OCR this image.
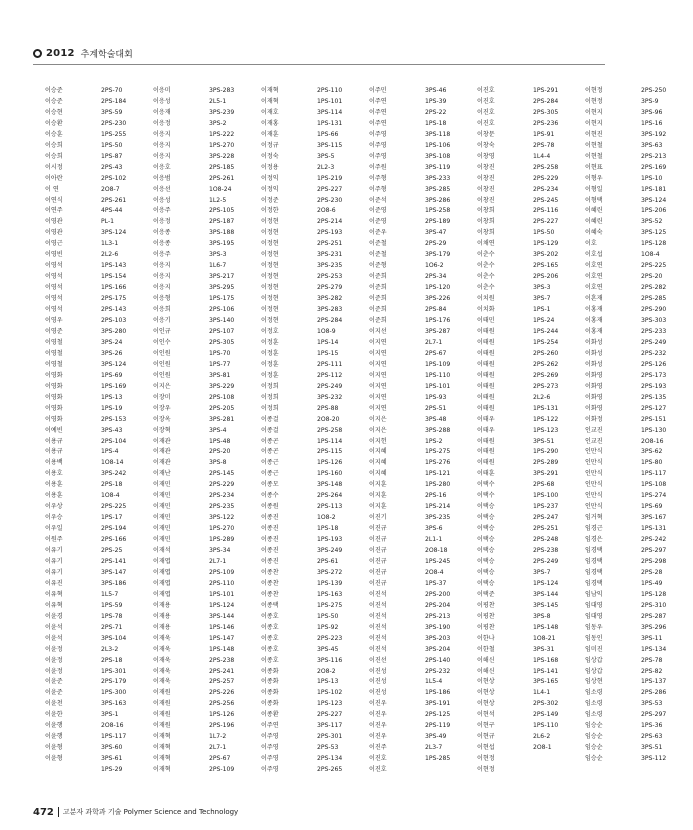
2012 추계학술대회
이승준	2PS-70	이응미	3PS-283	이재혁	2PS-110	이주민	3PS-46	이진호	1PS-291	이현정	2PS-250
이승준	2PS-184	이응성	2L5-1	이재혁	1PS-101	이주연	1PS-39	이진호	2PS-284	이현정	3PS-9
이승현	3PS-59	이응재	3PS-239	이재호	3PS-114	이주연	2PS-22	이진호	2PS-305	이현지	3PS-96
이승환	2PS-230	이응정	3PS-2	이재홍	1PS-131	이주연	1PS-18	이진호	2PS-236	이현지	1PS-16
이승훈	1PS-255	이응지	1PS-222	이재훈	1PS-66	이주영	3PS-118	이창문	1PS-91	이현진	3PS-192
이승희	1PS-50	이응지	1PS-270	이정규	3PS-115	이주영	1PS-106	이창숙	2PS-78	이현철	3PS-63
이승희	1PS-87	이응지	3PS-228	이정숙	3PS-5	이주영	3PS-108	이창영	1L4-4	이현철	2PS-213
이시정	2PS-43	이응호	2PS-185	이정용	2L2-3	이주원	3PS-119	이창진	2PS-258	이현표	2PS-169
이아란	2PS-102	이응범	2PS-261	이정익	1PS-219	이주형	3PS-233	이창진	2PS-229	이형우	1PS-10
이 연	2O8-7	이응선	1O8-24	이정익	2PS-227	이주형	3PS-285	이창진	2PS-234	이형일	1PS-181
이연식	2PS-261	이응성	1L2-5	이정준	2PS-230	이준석	3PS-286	이창진	2PS-245	이형택	3PS-124
이연주	4PS-44	이응주	2PS-105	이정한	2O8-6	이준영	1PS-258	이창희	2PS-116	이혜린	1PS-206
이영관	PL-1	이응정	2PS-187	이정현	2PS-214	이준영	2PS-189	이창희	2PS-227	이혜린	3PS-52
이영관	3PS-124	이응종	3PS-188	이정현	2PS-193	이준우	3PS-47	이창희	1PS-50	이혜숙	3PS-125
이영근	1L3-1	이응종	3PS-195	이정현	2PS-251	이준철	2PS-29	이채연	1PS-129	이호	1PS-128
이영빈	2L2-6	이응주	3PS-3	이정현	3PS-231	이준철	3PS-179	이춘수	3PS-202	이호섭	1O8-4
이영석	1PS-143	이응지	1L6-7	이정현	3PS-235	이준형	1O6-2	이춘수	2PS-165	이호연	2PS-225
이영석	1PS-154	이응지	3PS-217	이정현	2PS-253	이준희	2PS-34	이춘수	2PS-206	이호연	2PS-20
이영석	1PS-166	이응지	3PS-295	이정현	2PS-279	이준희	1PS-120	이춘수	3PS-3	이호연	2PS-282
이영석	2PS-175	이응형	1PS-175	이정현	3PS-282	이준희	3PS-226	이치원	3PS-7	이혼재	2PS-285
이영석	2PS-143	이응희	2PS-106	이정현	3PS-283	이준희	2PS-84	이치화	1PS-1	이홍재	2PS-290
이영우	2PS-103	이응기	3PS-140	이정현	2PS-284	이준희	1PS-176	이태민	1PS-24	이홍재	3PS-303
이영준	3PS-280	이인규	2PS-107	이정호	1O8-9	이지선	3PS-287	이태원	1PS-244	이홍재	2PS-233
이영철	3PS-24	이인수	2PS-305	이정훈	1PS-14	이지연	2L7-1	이태원	1PS-254	이화성	2PS-249
이영철	3PS-26	이인원	1PS-70	이정훈	1PS-15	이지연	2PS-67	이태원	2PS-260	이화성	2PS-232
이영철	3PS-124	이인원	1PS-77	이정훈	2PS-111	이지연	1PS-109	이태원	2PS-262	이화성	2PS-126
이영화	1PS-69	이인원	3PS-81	이정훈	2PS-112	이지연	1PS-110	이태원	2PS-269	이화영	2PS-173
이영화	1PS-169	이지은	3PS-229	이정희	2PS-249	이지연	1PS-101	이태원	2PS-273	이화영	2PS-193
이영화	1PS-13	이장미	2PS-108	이정희	3PS-232	이지연	1PS-93	이태원	2L2-6	이화영	2PS-135
이영화	1PS-19	이장우	2PS-205	이정희	2PS-88	이지연	2PS-51	이태원	1PS-131	이화영	2PS-127
이영화	2PS-153	이장옥	3PS-281	이종걸	2O8-20	이지은	3PS-48	이태우	1PS-122	이화정	2PS-151
이예빈	3PS-43	이장혁	3PS-4	이종걸	2PS-258	이지은	3PS-288	이태우	1PS-123	인교진	1PS-130
이용규	2PS-104	이재관	1PS-48	이종곤	1PS-114	이지헌	1PS-2	이태원	3PS-51	인교진	2O8-16
이용규	1PS-4	이재관	2PS-20	이종곤	2PS-115	이지혜	1PS-275	이태원	1PS-290	인만식	3PS-62
이용백	1O8-14	이재관	3PS-8	이종근	1PS-126	이지혜	1PS-276	이태원	2PS-289	인만식	1PS-80
이용호	3PS-242	이재난	2PS-145	이종근	1PS-160	이지혜	1PS-121	이태훈	3PS-291	인만식	1PS-117
이용훈	2PS-18	이재민	2PS-229	이종모	3PS-148	이지훈	1PS-280	이택수	2PS-68	인만식	1PS-108
이용훈	1O8-4	이재민	2PS-234	이종수	2PS-264	이지훈	2PS-16	이택수	1PS-100	인만식	1PS-274
이우상	2PS-225	이재민	2PS-235	이종원	2PS-113	이지훈	1PS-214	이택승	1PS-237	인만식	1PS-69
이우승	1PS-17	이재민	3PS-122	이종진	1O8-2	이진기	3PS-235	이택승	2PS-247	임거혁	3PS-167
이우일	2PS-194	이재민	1PS-270	이종진	1PS-18	이진규	3PS-6	이택승	2PS-251	임경근	1PS-131
이원주	2PS-166	이재민	1PS-289	이종진	1PS-193	이진규	2L1-1	이택승	2PS-248	임경은	2PS-242
이유기	2PS-25	이재석	3PS-34	이종진	3PS-249	이진규	2O8-18	이택승	2PS-238	임경택	2PS-297
이유기	2PS-141	이재엽	2L7-1	이종진	2PS-61	이진규	1PS-245	이택승	2PS-249	임경택	2PS-298
이유기	3PS-147	이재엽	2PS-109	이종찬	3PS-272	이진규	2O8-4	이택승	3PS-7	임경택	2PS-28
이유진	3PS-186	이재엽	2PS-110	이종찬	1PS-139	이진규	1PS-37	이택승	1PS-124	임경택	1PS-49
이유혁	1L5-7	이재엽	1PS-101	이종찬	1PS-163	이진석	2PS-200	이택준	3PS-144	임남익	1PS-128
이유혁	1PS-59	이재용	1PS-124	이종택	1PS-275	이진석	2PS-204	이평찬	3PS-145	임대영	2PS-310
이윤경	1PS-78	이재용	3PS-144	이종호	1PS-50	이진석	2PS-213	이평찬	3PS-8	임대영	2PS-287
이윤석	2PS-71	이재용	1PS-146	이종호	1PS-92	이진석	3PS-190	이평찬	1PS-148	임동우	3PS-296
이윤석	3PS-104	이재욱	1PS-147	이종호	2PS-223	이진석	3PS-203	이한나	1O8-21	임동인	3PS-11
이윤정	2L3-2	이재욱	1PS-148	이종호	3PS-45	이진석	3PS-204	이한철	3PS-31	임미진	1PS-134
이윤정	2PS-18	이재욱	2PS-238	이종호	3PS-116	이진선	2PS-140	이해신	1PS-168	임상갑	2PS-78
이윤정	1PS-301	이재욱	2PS-241	이종화	2O8-2	이진성	2PS-232	이해신	1PS-141	임상갑	2PS-82
이윤준	2PS-179	이재욱	2PS-257	이종화	1PS-13	이진성	1L5-4	이현상	3PS-165	임상현	1PS-137
이윤준	1PS-300	이재원	2PS-226	이종화	1PS-102	이진성	1PS-186	이현상	1L4-1	임소령	2PS-286
이윤천	3PS-163	이재원	2PS-256	이종화	1PS-123	이진우	3PS-191	이현상	2PS-302	임소령	3PS-53
이윤한	3PS-1	이재원	1PS-126	이종환	2PS-227	이진우	2PS-125	이현석	2PS-149	임소령	2PS-297
이윤행	2O8-16	이재원	2PS-196	이주연	3PS-117	이진우	2PS-119	이현구	1PS-110	임승순	1PS-36
이윤행	1PS-117	이재혁	1L7-2	이주영	2PS-301	이진우	3PS-49	이현규	2L6-2	임승순	2PS-63
이윤형	3PS-60	이재혁	2L7-1	이주영	2PS-53	이진주	2L3-7	이현섭	2O8-1	임승순	3PS-51
이윤형	3PS-61	이재혁	2PS-67	이주영	2PS-134	이진호	1PS-285	이현정		임승순	3PS-112
	1PS-29	이재혁	2PS-109	이주영	2PS-265	이진호		이현정			
472 고분자 과학과 기술 Polymer Science and Technology
